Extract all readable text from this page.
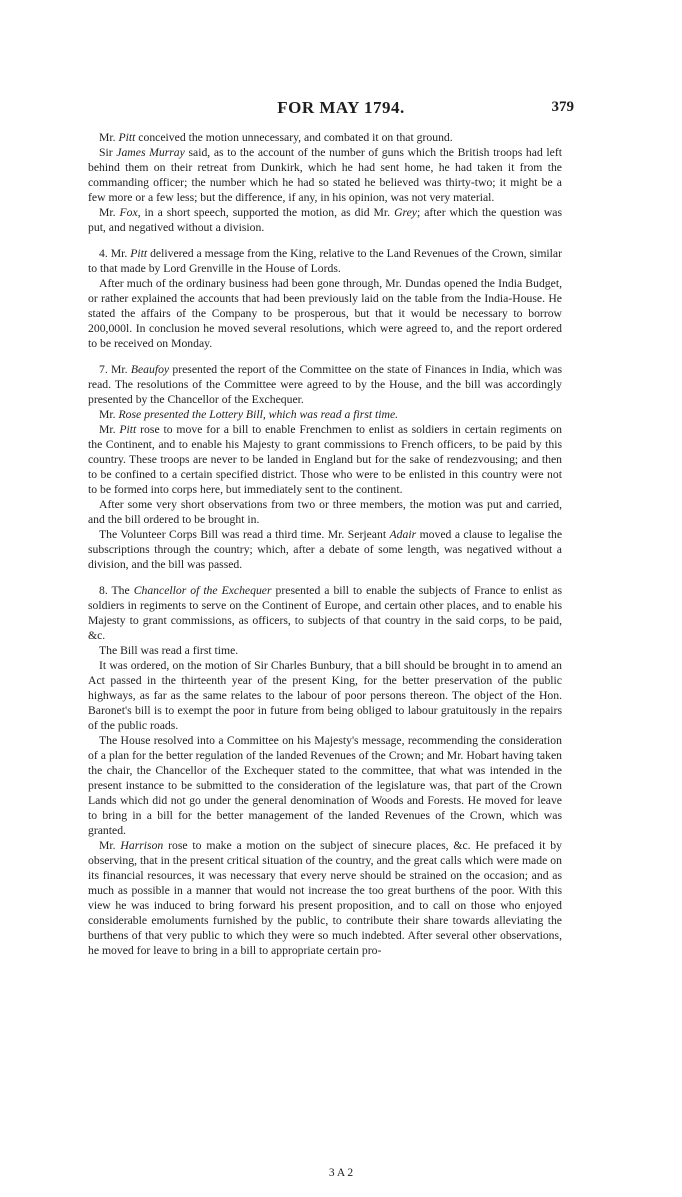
FOR MAY 1794.	379

Mr. Pitt conceived the motion unnecessary, and combated it on that ground.

Sir James Murray said, as to the account of the number of guns which the British troops had left behind them on their retreat from Dunkirk, which he had sent home, he had taken it from the commanding officer; the number which he had so stated he believed was thirty-two; it might be a few more or a few less; but the difference, if any, in his opinion, was not very material.

Mr. Fox, in a short speech, supported the motion, as did Mr. Grey; after which the question was put, and negatived without a division.

4. Mr. Pitt delivered a message from the King, relative to the Land Revenues of the Crown, similar to that made by Lord Grenville in the House of Lords.

After much of the ordinary business had been gone through, Mr. Dundas opened the India Budget, or rather explained the accounts that had been previously laid on the table from the India-House. He stated the affairs of the Company to be prosperous, but that it would be necessary to borrow 200,000l. In conclusion he moved several resolutions, which were agreed to, and the report ordered to be received on Monday.

7. Mr. Beaufoy presented the report of the Committee on the state of Finances in India, which was read. The resolutions of the Committee were agreed to by the House, and the bill was accordingly presented by the Chancellor of the Exchequer.

Mr. Rose presented the Lottery Bill, which was read a first time.

Mr. Pitt rose to move for a bill to enable Frenchmen to enlist as soldiers in certain regiments on the Continent, and to enable his Majesty to grant commissions to French officers, to be paid by this country. These troops are never to be landed in England but for the sake of rendezvousing; and then to be confined to a certain specified district. Those who were to be enlisted in this country were not to be formed into corps here, but immediately sent to the continent.

After some very short observations from two or three members, the motion was put and carried, and the bill ordered to be brought in.

The Volunteer Corps Bill was read a third time. Mr. Serjeant Adair moved a clause to legalise the subscriptions through the country; which, after a debate of some length, was negatived without a division, and the bill was passed.

8. The Chancellor of the Exchequer presented a bill to enable the subjects of France to enlist as soldiers in regiments to serve on the Continent of Europe, and certain other places, and to enable his Majesty to grant commissions, as officers, to subjects of that country in the said corps, to be paid, &c.

The Bill was read a first time.

It was ordered, on the motion of Sir Charles Bunbury, that a bill should be brought in to amend an Act passed in the thirteenth year of the present King, for the better preservation of the public highways, as far as the same relates to the labour of poor persons thereon. The object of the Hon. Baronet's bill is to exempt the poor in future from being obliged to labour gratuitously in the repairs of the public roads.

The House resolved into a Committee on his Majesty's message, recommending the consideration of a plan for the better regulation of the landed Revenues of the Crown; and Mr. Hobart having taken the chair, the Chancellor of the Exchequer stated to the committee, that what was intended in the present instance to be submitted to the consideration of the legislature was, that part of the Crown Lands which did not go under the general denomination of Woods and Forests. He moved for leave to bring in a bill for the better management of the landed Revenues of the Crown, which was granted.

Mr. Harrison rose to make a motion on the subject of sinecure places, &c. He prefaced it by observing, that in the present critical situation of the country, and the great calls which were made on its financial resources, it was necessary that every nerve should be strained on the occasion; and as much as possible in a manner that would not increase the too great burthens of the poor. With this view he was induced to bring forward his present proposition, and to call on those who enjoyed considerable emoluments furnished by the public, to contribute their share towards alleviating the burthens of that very public to which they were so much indebted. After several other observations, he moved for leave to bring in a bill to appropriate certain pro-

3 A 2
